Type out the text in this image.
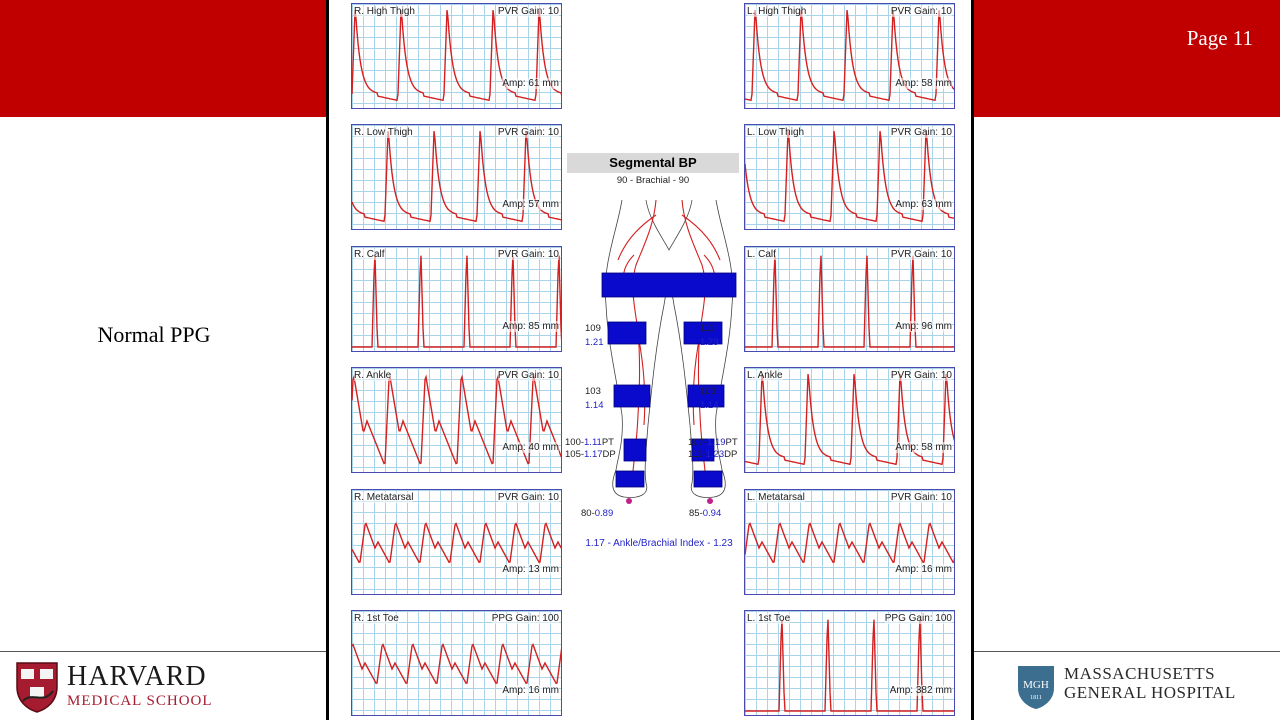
Page 11
Normal PPG
R. High Thigh	PVR Gain: 10
Amp: 61 mm
R. Low Thigh	PVR Gain: 10
Amp: 57 mm
R. Calf	PVR Gain: 10
Amp: 85 mm
R. Ankle	PVR Gain: 10
Amp: 40 mm
R. Metatarsal	PVR Gain: 10
Amp: 13 mm
R. 1st Toe	PPG Gain: 100
Amp: 16 mm
L. High Thigh	PVR Gain: 10
Amp: 58 mm
L. Low Thigh	PVR Gain: 10
Amp: 63 mm
L. Calf	PVR Gain: 10
Amp: 96 mm
L. Ankle	PVR Gain: 10
Amp: 58 mm
L. Metatarsal	PVR Gain: 10
Amp: 16 mm
L. 1st Toe	PPG Gain: 100
Amp: 382 mm
Segmental BP
90 - Brachial - 90
109
1.21
111
1.23
103
1.14
103
1.14
100-1.11PT
105-1.17DP
107-1.19PT
111-1.23DP
80-0.89	85-0.94
1.17 - Ankle/Brachial Index - 1.23
HARVARD
MEDICAL SCHOOL
MGH
1811
MASSACHUSETTS
GENERAL HOSPITAL
